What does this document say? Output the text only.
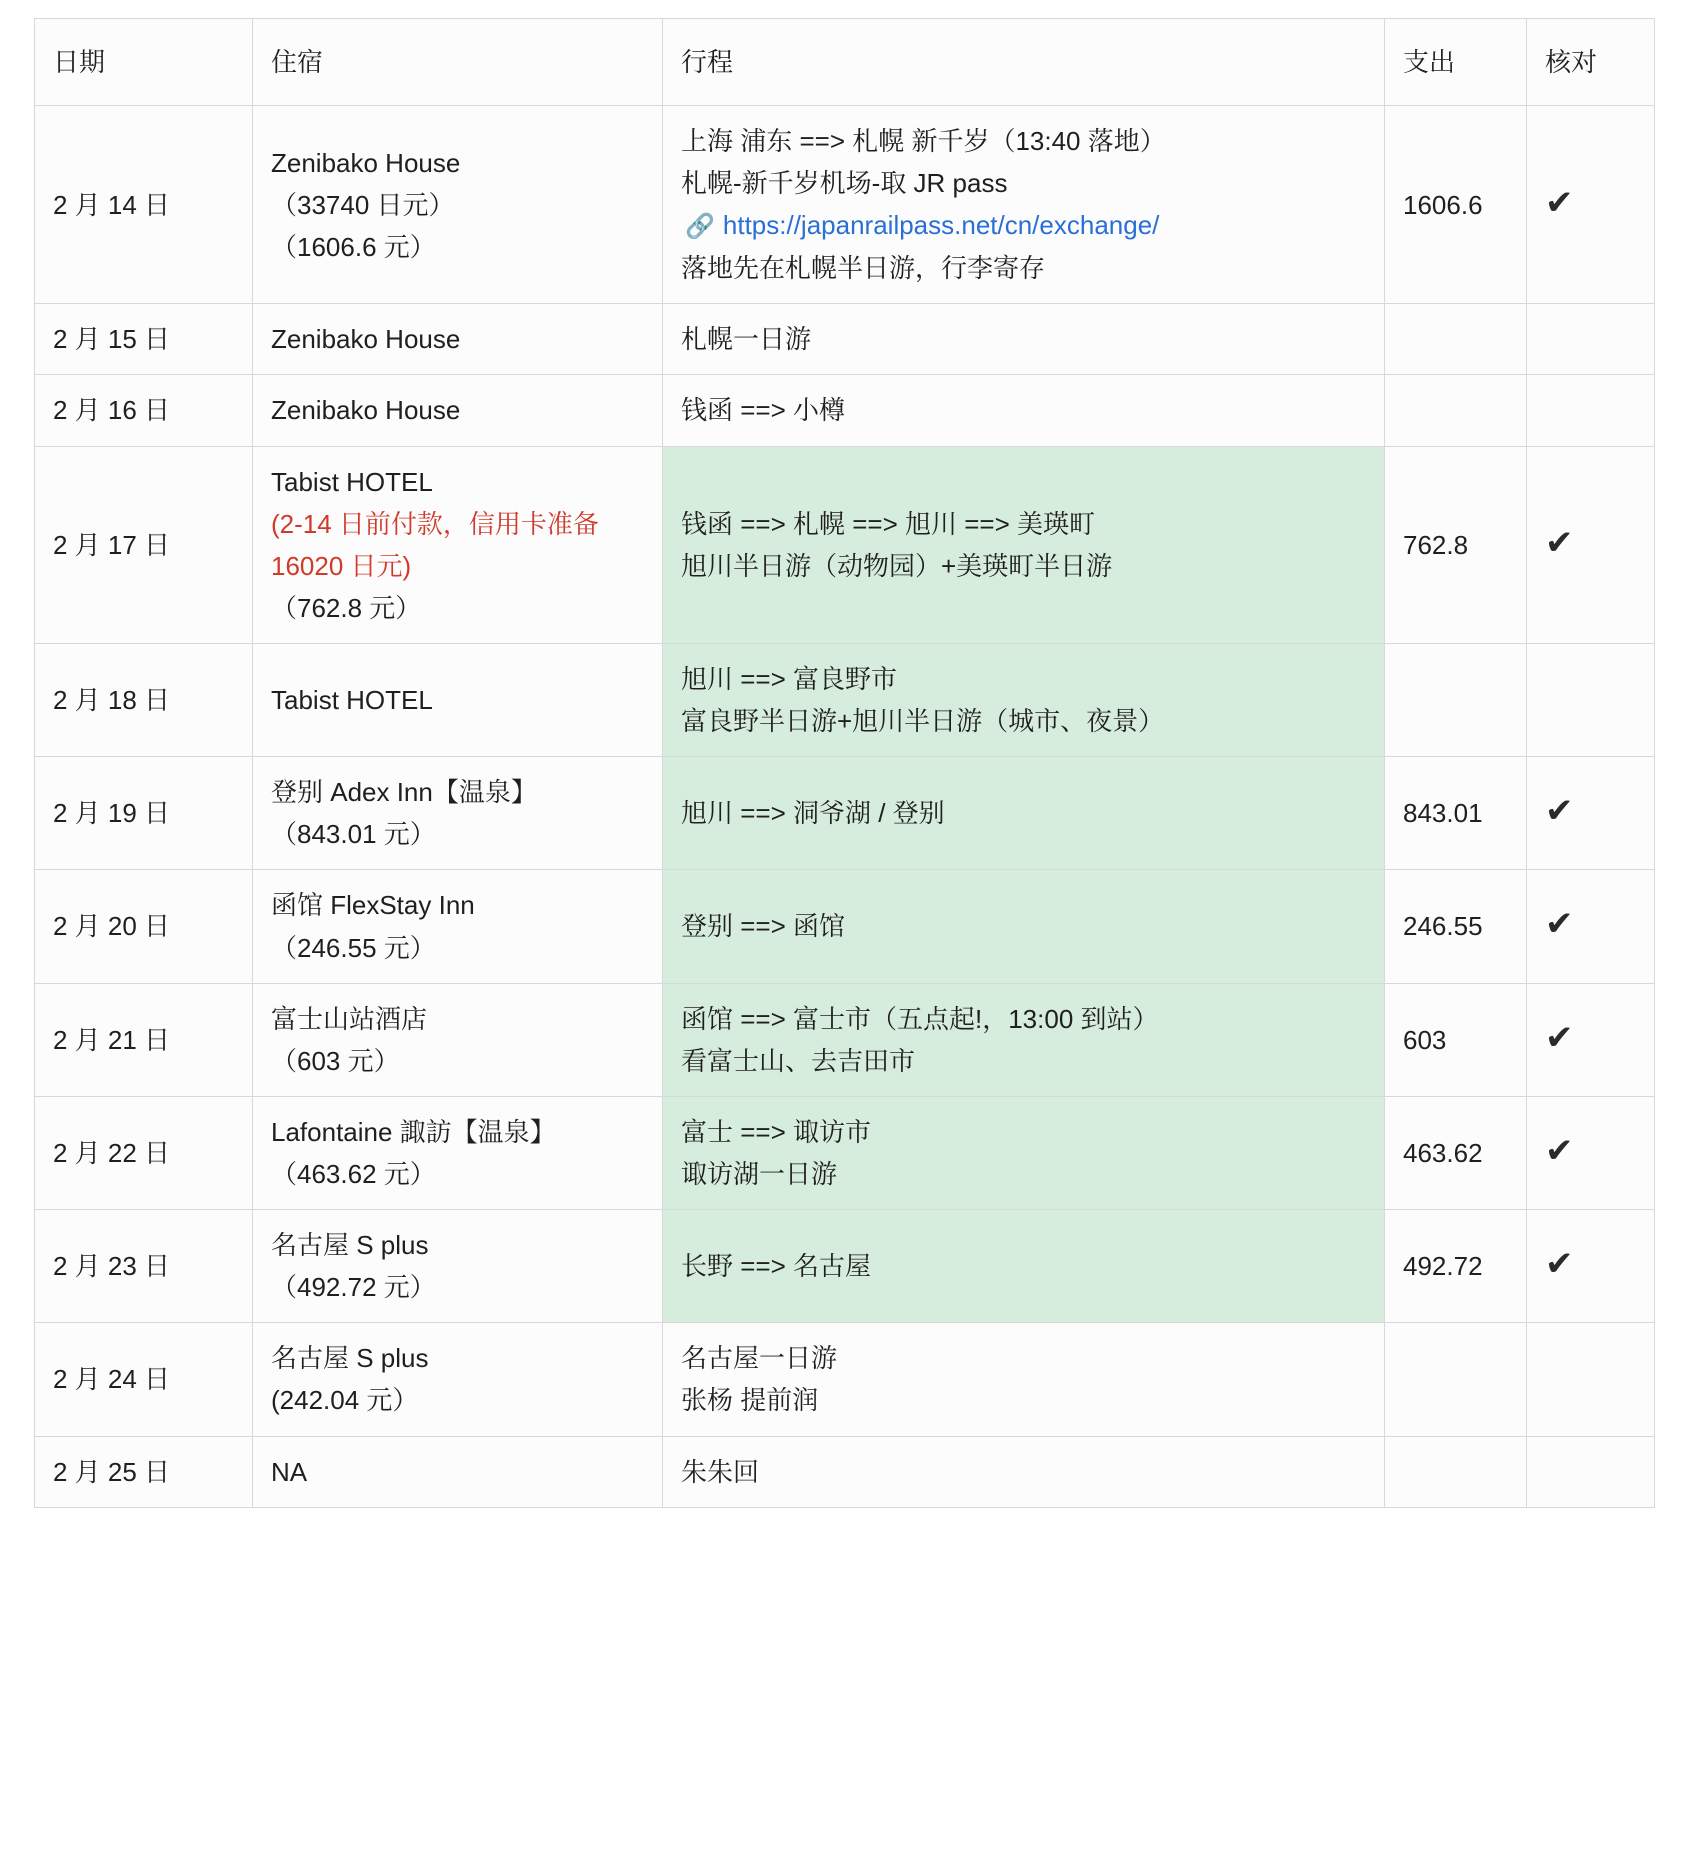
日期	住宿	行程	支出	核对
2 月 14 日	Zenibako House
（33740 日元）
（1606.6 元）	上海 浦东 ==> 札幌 新千岁（13:40 落地）
札幌-新千岁机场-取 JR pass
🔗 https://japanrailpass.net/cn/exchange/
落地先在札幌半日游，行李寄存	1606.6	✔
2 月 15 日	Zenibako House	札幌一日游		

2 月 16 日	Zenibako House	钱函 ==> 小樽		

2 月 17 日	Tabist HOTEL
(2-14 日前付款，信用卡准备 16020 日元)
（762.8 元）	钱函 ==> 札幌 ==> 旭川 ==> 美瑛町
旭川半日游（动物园）+美瑛町半日游	762.8	✔
2 月 18 日	Tabist HOTEL	旭川 ==> 富良野市
富良野半日游+旭川半日游（城市、夜景）		

2 月 19 日	登别 Adex Inn【温泉】
（843.01 元）	旭川 ==> 洞爷湖 / 登别	843.01	✔
2 月 20 日	函馆 FlexStay Inn
（246.55 元）	登别 ==> 函馆	246.55	✔
2 月 21 日	富士山站酒店
（603 元）	函馆 ==> 富士市（五点起!，13:00 到站）
看富士山、去吉田市	603	✔
2 月 22 日	Lafontaine 諏訪【温泉】
（463.62 元）	富士 ==> 诹访市
诹访湖一日游	463.62	✔
2 月 23 日	名古屋 S plus
（492.72 元）	长野 ==> 名古屋	492.72	✔
2 月 24 日	名古屋 S plus
(242.04 元）	名古屋一日游
张杨 提前润		

2 月 25 日	NA	朱朱回		
